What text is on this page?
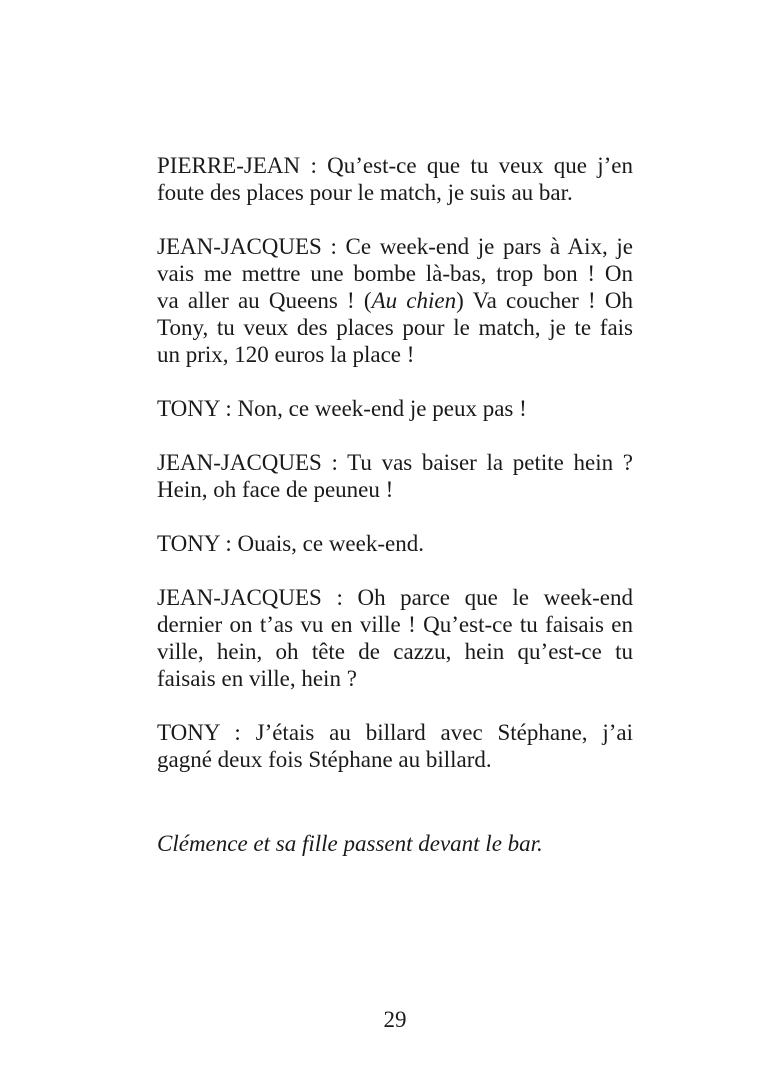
PIERRE-JEAN : Qu’est-ce que tu veux que j’en
foute des places pour le match, je suis au bar.
JEAN-JACQUES : Ce week-end je pars à Aix, je
vais me mettre une bombe là-bas, trop bon ! On
va aller au Queens ! (Au chien) Va coucher ! Oh
Tony, tu veux des places pour le match, je te fais
un prix, 120 euros la place !
TONY : Non, ce week-end je peux pas !
JEAN-JACQUES : Tu vas baiser la petite hein ?
Hein, oh face de peuneu !
TONY : Ouais, ce week-end.
JEAN-JACQUES : Oh parce que le week-end
dernier on t’as vu en ville ! Qu’est-ce tu faisais en
ville, hein, oh tête de cazzu, hein qu’est-ce tu
faisais en ville, hein ?
TONY : J’étais au billard avec Stéphane, j’ai
gagné deux fois Stéphane au billard.
Clémence et sa fille passent devant le bar.
29
